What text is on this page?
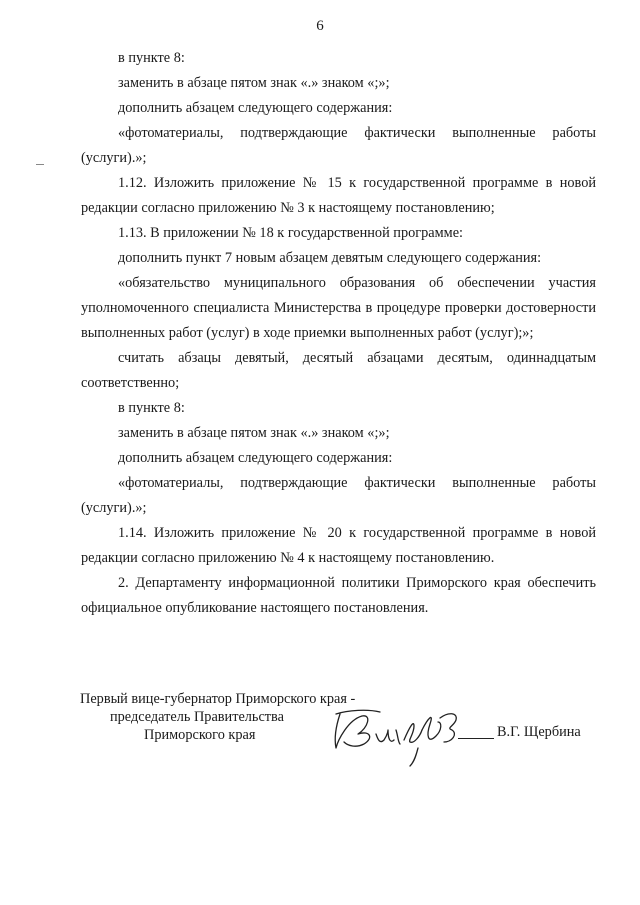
6

в пункте 8:

заменить в абзаце пятом знак «.» знаком «;»;

дополнить абзацем следующего содержания:

«фотоматериалы, подтверждающие фактически выполненные работы (услуги).»;

1.12. Изложить приложение № 15 к государственной программе в новой редакции согласно приложению № 3 к настоящему постановлению;

1.13. В приложении № 18 к государственной программе:

дополнить пункт 7 новым абзацем девятым следующего содержания:

«обязательство муниципального образования об обеспечении участия уполномоченного специалиста Министерства в процедуре проверки достоверности выполненных работ (услуг) в ходе приемки выполненных работ (услуг);»;

считать абзацы девятый, десятый абзацами десятым, одиннадцатым соответственно;

в пункте 8:

заменить в абзаце пятом знак «.» знаком «;»;

дополнить абзацем следующего содержания:

«фотоматериалы, подтверждающие фактически выполненные работы (услуги).»;

1.14. Изложить приложение № 20 к государственной программе в новой редакции согласно приложению № 4 к настоящему постановлению.

2. Департаменту информационной политики Приморского края обеспечить официальное опубликование настоящего постановления.

Первый вице-губернатор Приморского края -
председатель Правительства
Приморского края	В.Г. Щербина
